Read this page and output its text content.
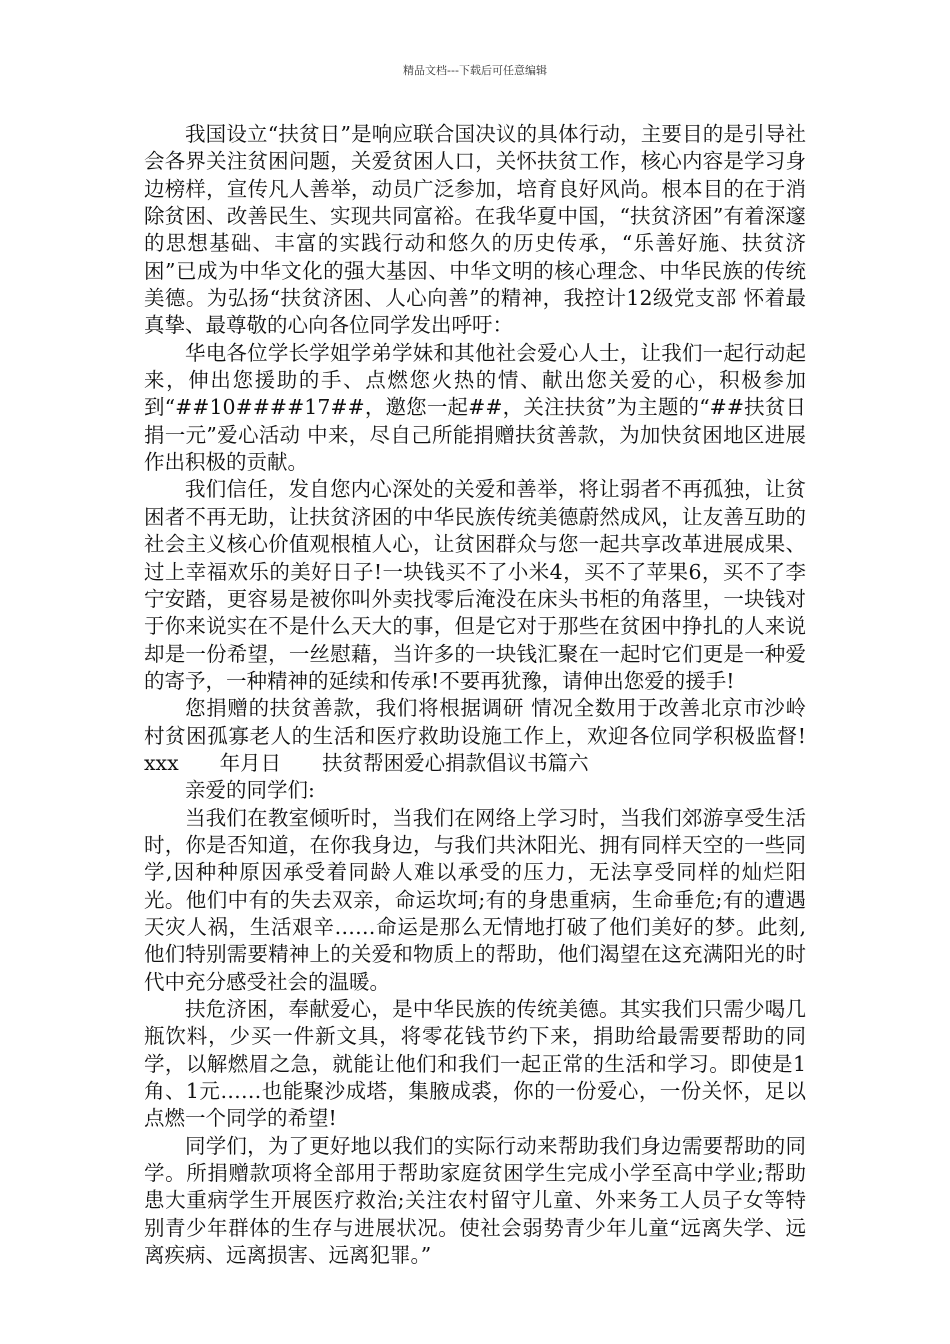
精品文档---下载后可任意编辑

我国设立“扶贫日”是响应联合国决议的具体行动，主要目的是引导社会各界关注贫困问题，关爱贫困人口，关怀扶贫工作，核心内容是学习身边榜样，宣传凡人善举，动员广泛参加，培育良好风尚。根本目的在于消除贫困、改善民生、实现共同富裕。在我华夏中国，“扶贫济困”有着深邃的思想基础、丰富的实践行动和悠久的历史传承，“乐善好施、扶贫济困”已成为中华文化的强大基因、中华文明的核心理念、中华民族的传统美德。为弘扬“扶贫济困、人心向善”的精神，我控计12级党支部 怀着最真挚、最尊敬的心向各位同学发出呼吁：

华电各位学长学姐学弟学妹和其他社会爱心人士，让我们一起行动起来，伸出您援助的手、点燃您火热的情、献出您关爱的心，积极参加到“##10####17##，邀您一起##，关注扶贫”为主题的“##扶贫日捐一元”爱心活动 中来，尽自己所能捐赠扶贫善款，为加快贫困地区进展作出积极的贡献。

我们信任，发自您内心深处的关爱和善举，将让弱者不再孤独，让贫困者不再无助，让扶贫济困的中华民族传统美德蔚然成风，让友善互助的社会主义核心价值观根植人心，让贫困群众与您一起共享改革进展成果、过上幸福欢乐的美好日子!一块钱买不了小米4，买不了苹果6，买不了李宁安踏，更容易是被你叫外卖找零后淹没在床头书柜的角落里，一块钱对于你来说实在不是什么天大的事，但是它对于那些在贫困中挣扎的人来说却是一份希望，一丝慰藉，当许多的一块钱汇聚在一起时它们更是一种爱的寄予，一种精神的延续和传承!不要再犹豫，请伸出您爱的援手!

您捐赠的扶贫善款，我们将根据调研 情况全数用于改善北京市沙岭村贫困孤寡老人的生活和医疗救助设施工作上，欢迎各位同学积极监督!　　xxx　　年月日　　扶贫帮困爱心捐款倡议书篇六

亲爱的同学们:

当我们在教室倾听时，当我们在网络上学习时，当我们郊游享受生活时，你是否知道，在你我身边，与我们共沐阳光、拥有同样天空的一些同学,因种种原因承受着同龄人难以承受的压力，无法享受同样的灿烂阳光。他们中有的失去双亲，命运坎坷;有的身患重病，生命垂危;有的遭遇天灾人祸，生活艰辛……命运是那么无情地打破了他们美好的梦。此刻,他们特别需要精神上的关爱和物质上的帮助，他们渴望在这充满阳光的时代中充分感受社会的温暖。

扶危济困，奉献爱心，是中华民族的传统美德。其实我们只需少喝几瓶饮料，少买一件新文具，将零花钱节约下来，捐助给最需要帮助的同学，以解燃眉之急，就能让他们和我们一起正常的生活和学习。即使是1角、1元……也能聚沙成塔，集腋成裘，你的一份爱心，一份关怀，足以点燃一个同学的希望!

同学们，为了更好地以我们的实际行动来帮助我们身边需要帮助的同学。所捐赠款项将全部用于帮助家庭贫困学生完成小学至高中学业;帮助患大重病学生开展医疗救治;关注农村留守儿童、外来务工人员子女等特别青少年群体的生存与进展状况。使社会弱势青少年儿童“远离失学、远离疾病、远离损害、远离犯罪。”
